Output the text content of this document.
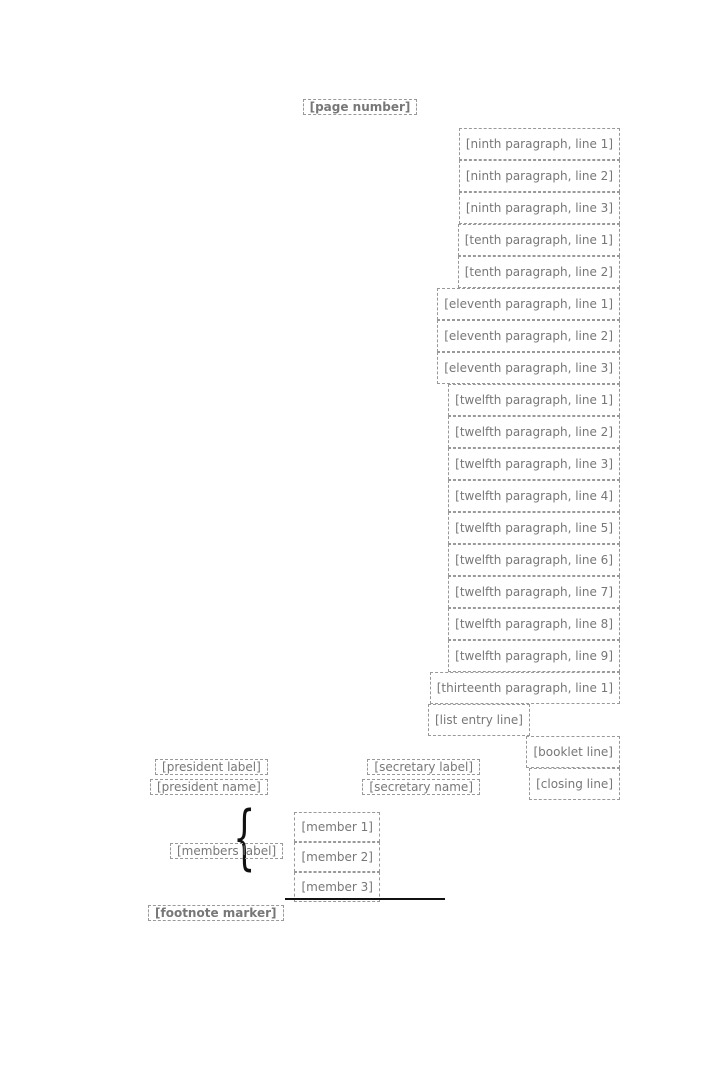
[page number]
[ninth paragraph, line 1]
[ninth paragraph, line 2]
[ninth paragraph, line 3]
[tenth paragraph, line 1]
[tenth paragraph, line 2]
[eleventh paragraph, line 1]
[eleventh paragraph, line 2]
[eleventh paragraph, line 3]
[twelfth paragraph, line 1]
[twelfth paragraph, line 2]
[twelfth paragraph, line 3]
[twelfth paragraph, line 4]
[twelfth paragraph, line 5]
[twelfth paragraph, line 6]
[twelfth paragraph, line 7]
[twelfth paragraph, line 8]
[twelfth paragraph, line 9]
[thirteenth paragraph, line 1]
[list entry line]
[booklet line]
[closing line]
[secretary label]
[secretary name]
[president label]
[president name]
[member 1]
[member 2]
[member 3]
{
[members label]
[footnote marker]
